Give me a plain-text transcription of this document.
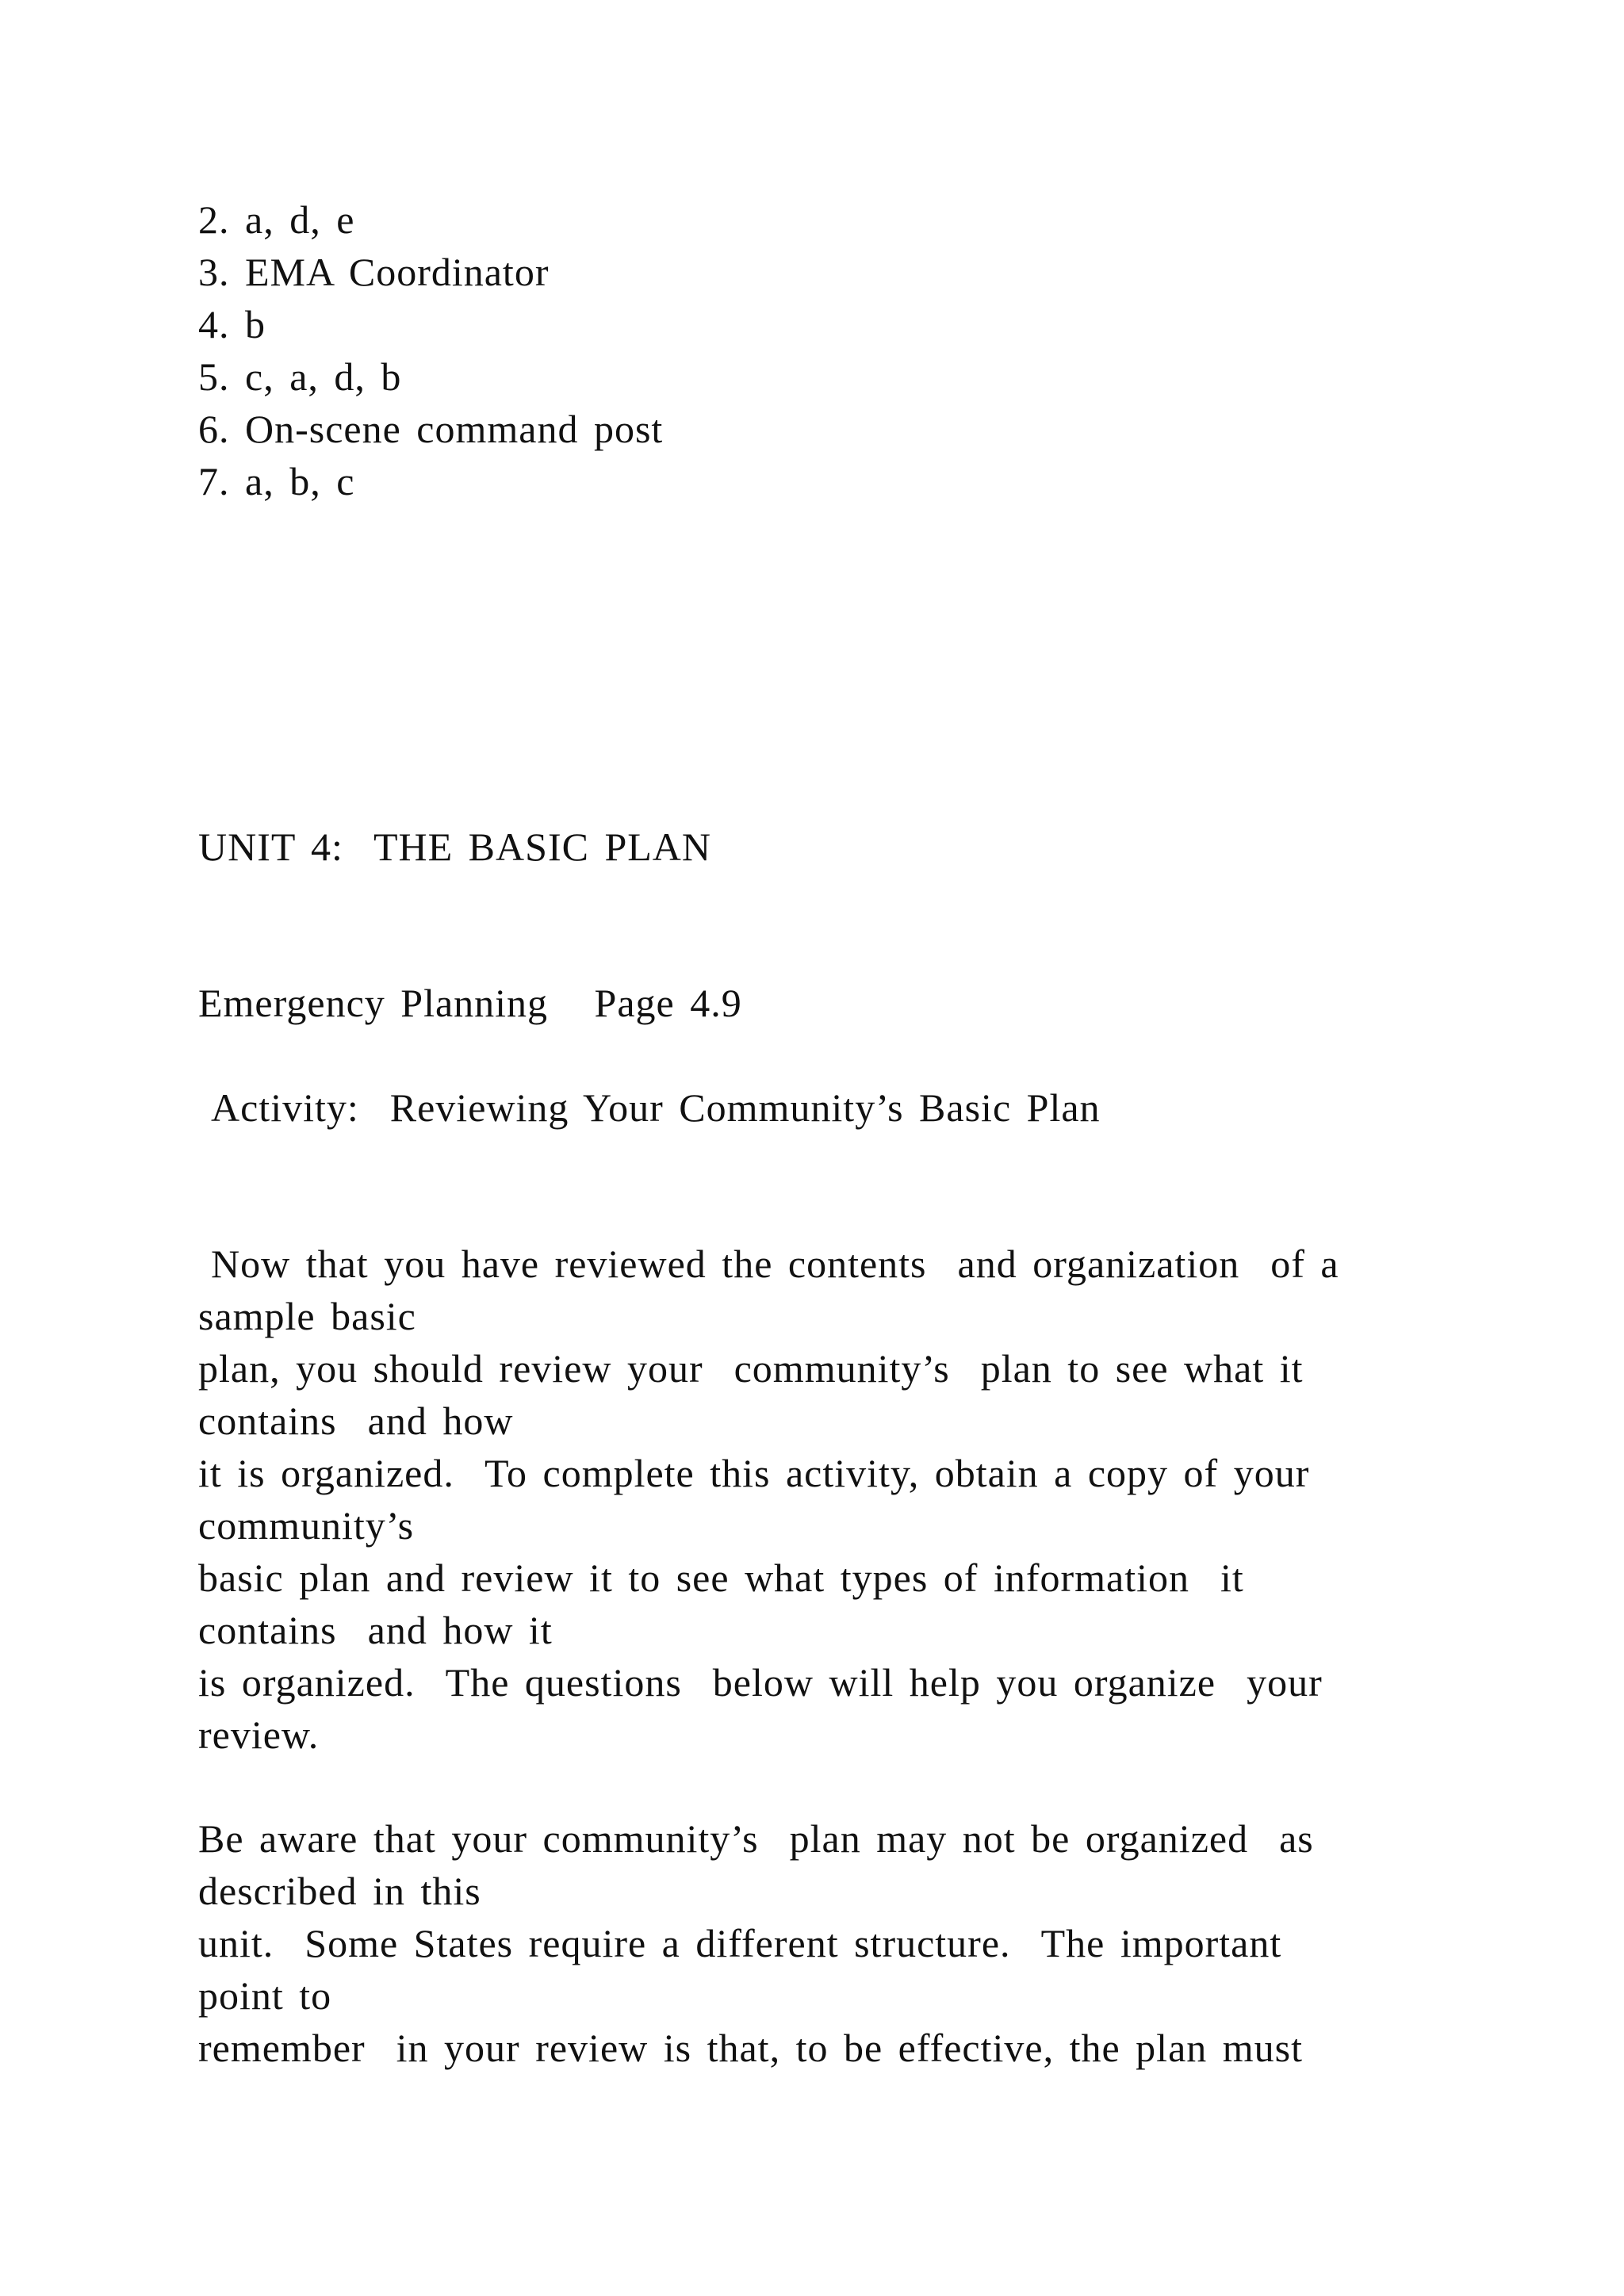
2. a, d, e
3. EMA Coordinator
4. b
5. c, a, d, b
6. On-scene command post
7. a, b, c
UNIT 4:  THE BASIC PLAN
Emergency Planning   Page 4.9
Activity:  Reviewing Your Community’s Basic Plan
Now that you have reviewed the contents  and organization  of a
sample basic
plan, you should review your  community’s  plan to see what it
contains  and how
it is organized.  To complete this activity, obtain a copy of your
community’s
basic plan and review it to see what types of information  it
contains  and how it
is organized.  The questions  below will help you organize  your
review.
Be aware that your community’s  plan may not be organized  as
described in this
unit.  Some States require a different structure.  The important
point to
remember  in your review is that, to be effective, the plan must
